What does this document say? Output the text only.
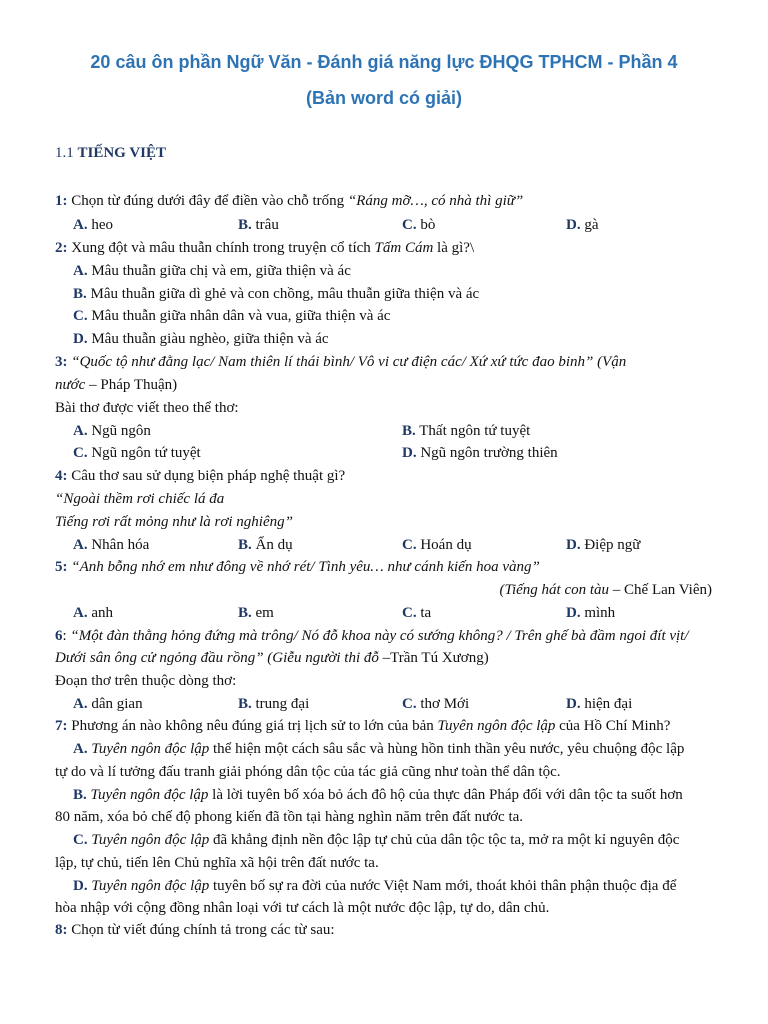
20 câu ôn phần Ngữ Văn - Đánh giá năng lực ĐHQG TPHCM - Phần 4
(Bản word có giải)
1.1 TIẾNG VIỆT
1: Chọn từ đúng dưới đây để điền vào chỗ trống “Ráng mỡ…, có nhà thì giữ”
A. heo	B. trâu	C. bò	D. gà
2: Xung đột và mâu thuẫn chính trong truyện cổ tích Tấm Cám là gì?\
A. Mâu thuẫn giữa chị và em, giữa thiện và ác
B. Mâu thuẫn giữa dì ghẻ và con chồng, mâu thuẫn giữa thiện và ác
C. Mâu thuẫn giữa nhân dân và vua, giữa thiện và ác
D. Mâu thuẫn giàu nghèo, giữa thiện và ác
3: “Quốc tộ như đằng lạc/ Nam thiên lí thái bình/ Vô vi cư điện các/ Xứ xứ tức đao binh” (Vận
nước – Pháp Thuận)
Bài thơ được viết theo thể thơ:
A. Ngũ ngôn	B. Thất ngôn tứ tuyệt
C. Ngũ ngôn tứ tuyệt	D. Ngũ ngôn trường thiên
4: Câu thơ sau sử dụng biện pháp nghệ thuật gì?
“Ngoài thềm rơi chiếc lá đa
Tiếng rơi rất mỏng như là rơi nghiêng”
A. Nhân hóa	B. Ẩn dụ	C. Hoán dụ	D. Điệp ngữ
5: “Anh bỗng nhớ em như đông về nhớ rét/ Tình yêu… như cánh kiến hoa vàng”
(Tiếng hát con tàu – Chế Lan Viên)
A. anh	B. em	C. ta	D. mình
6: “Một đàn thằng hỏng đứng mà trông/ Nó đỗ khoa này có sướng không? / Trên ghế bà đầm ngoi đít vịt/
Dưới sân ông cử ngỏng đầu rồng” (Giễu người thi đỗ –Trần Tú Xương)
Đoạn thơ trên thuộc dòng thơ:
A. dân gian	B. trung đại	C. thơ Mới	D. hiện đại
7: Phương án nào không nêu đúng giá trị lịch sử to lớn của bản Tuyên ngôn độc lập của Hồ Chí Minh?
A. Tuyên ngôn độc lập thể hiện một cách sâu sắc và hùng hồn tinh thần yêu nước, yêu chuộng độc lập
tự do và lí tưởng đấu tranh giải phóng dân tộc của tác giả cũng như toàn thể dân tộc.
B. Tuyên ngôn độc lập là lời tuyên bố xóa bỏ ách đô hộ của thực dân Pháp đối với dân tộc ta suốt hơn
80 năm, xóa bỏ chế độ phong kiến đã tồn tại hàng nghìn năm trên đất nước ta.
C. Tuyên ngôn độc lập đã khẳng định nền độc lập tự chủ của dân tộc tộc ta, mở ra một kỉ nguyên độc
lập, tự chủ, tiến lên Chủ nghĩa xã hội trên đất nước ta.
D. Tuyên ngôn độc lập tuyên bố sự ra đời của nước Việt Nam mới, thoát khỏi thân phận thuộc địa để
hòa nhập với cộng đồng nhân loại với tư cách là một nước độc lập, tự do, dân chủ.
8: Chọn từ viết đúng chính tả trong các từ sau:
